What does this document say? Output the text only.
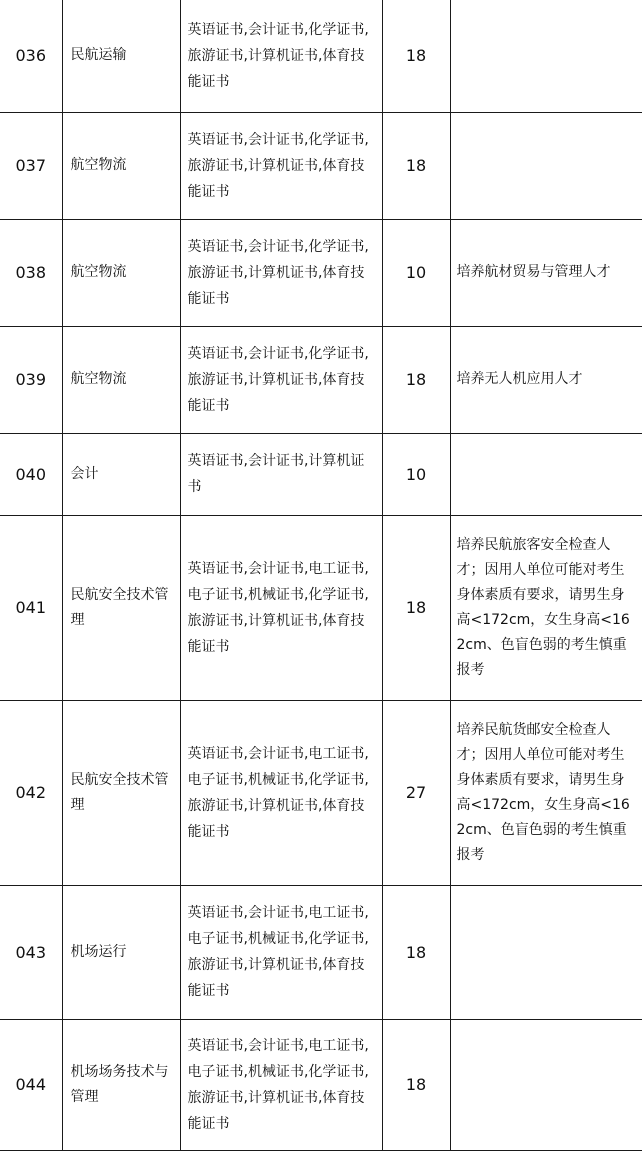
036	民航运输	英语证书,会计证书,化学证书,旅游证书,计算机证书,体育技能证书	18	
037	航空物流	英语证书,会计证书,化学证书,旅游证书,计算机证书,体育技能证书	18	
038	航空物流	英语证书,会计证书,化学证书,旅游证书,计算机证书,体育技能证书	10	培养航材贸易与管理人才
039	航空物流	英语证书,会计证书,化学证书,旅游证书,计算机证书,体育技能证书	18	培养无人机应用人才
040	会计	英语证书,会计证书,计算机证书	10	
041	民航安全技术管理	英语证书,会计证书,电工证书,电子证书,机械证书,化学证书,旅游证书,计算机证书,体育技能证书	18	培养民航旅客安全检查人才；因用人单位可能对考生身体素质有要求，请男生身高<172cm，女生身高<162cm、色盲色弱的考生慎重报考
042	民航安全技术管理	英语证书,会计证书,电工证书,电子证书,机械证书,化学证书,旅游证书,计算机证书,体育技能证书	27	培养民航货邮安全检查人才；因用人单位可能对考生身体素质有要求，请男生身高<172cm，女生身高<162cm、色盲色弱的考生慎重报考
043	机场运行	英语证书,会计证书,电工证书,电子证书,机械证书,化学证书,旅游证书,计算机证书,体育技能证书	18	
044	机场场务技术与管理	英语证书,会计证书,电工证书,电子证书,机械证书,化学证书,旅游证书,计算机证书,体育技能证书	18	
